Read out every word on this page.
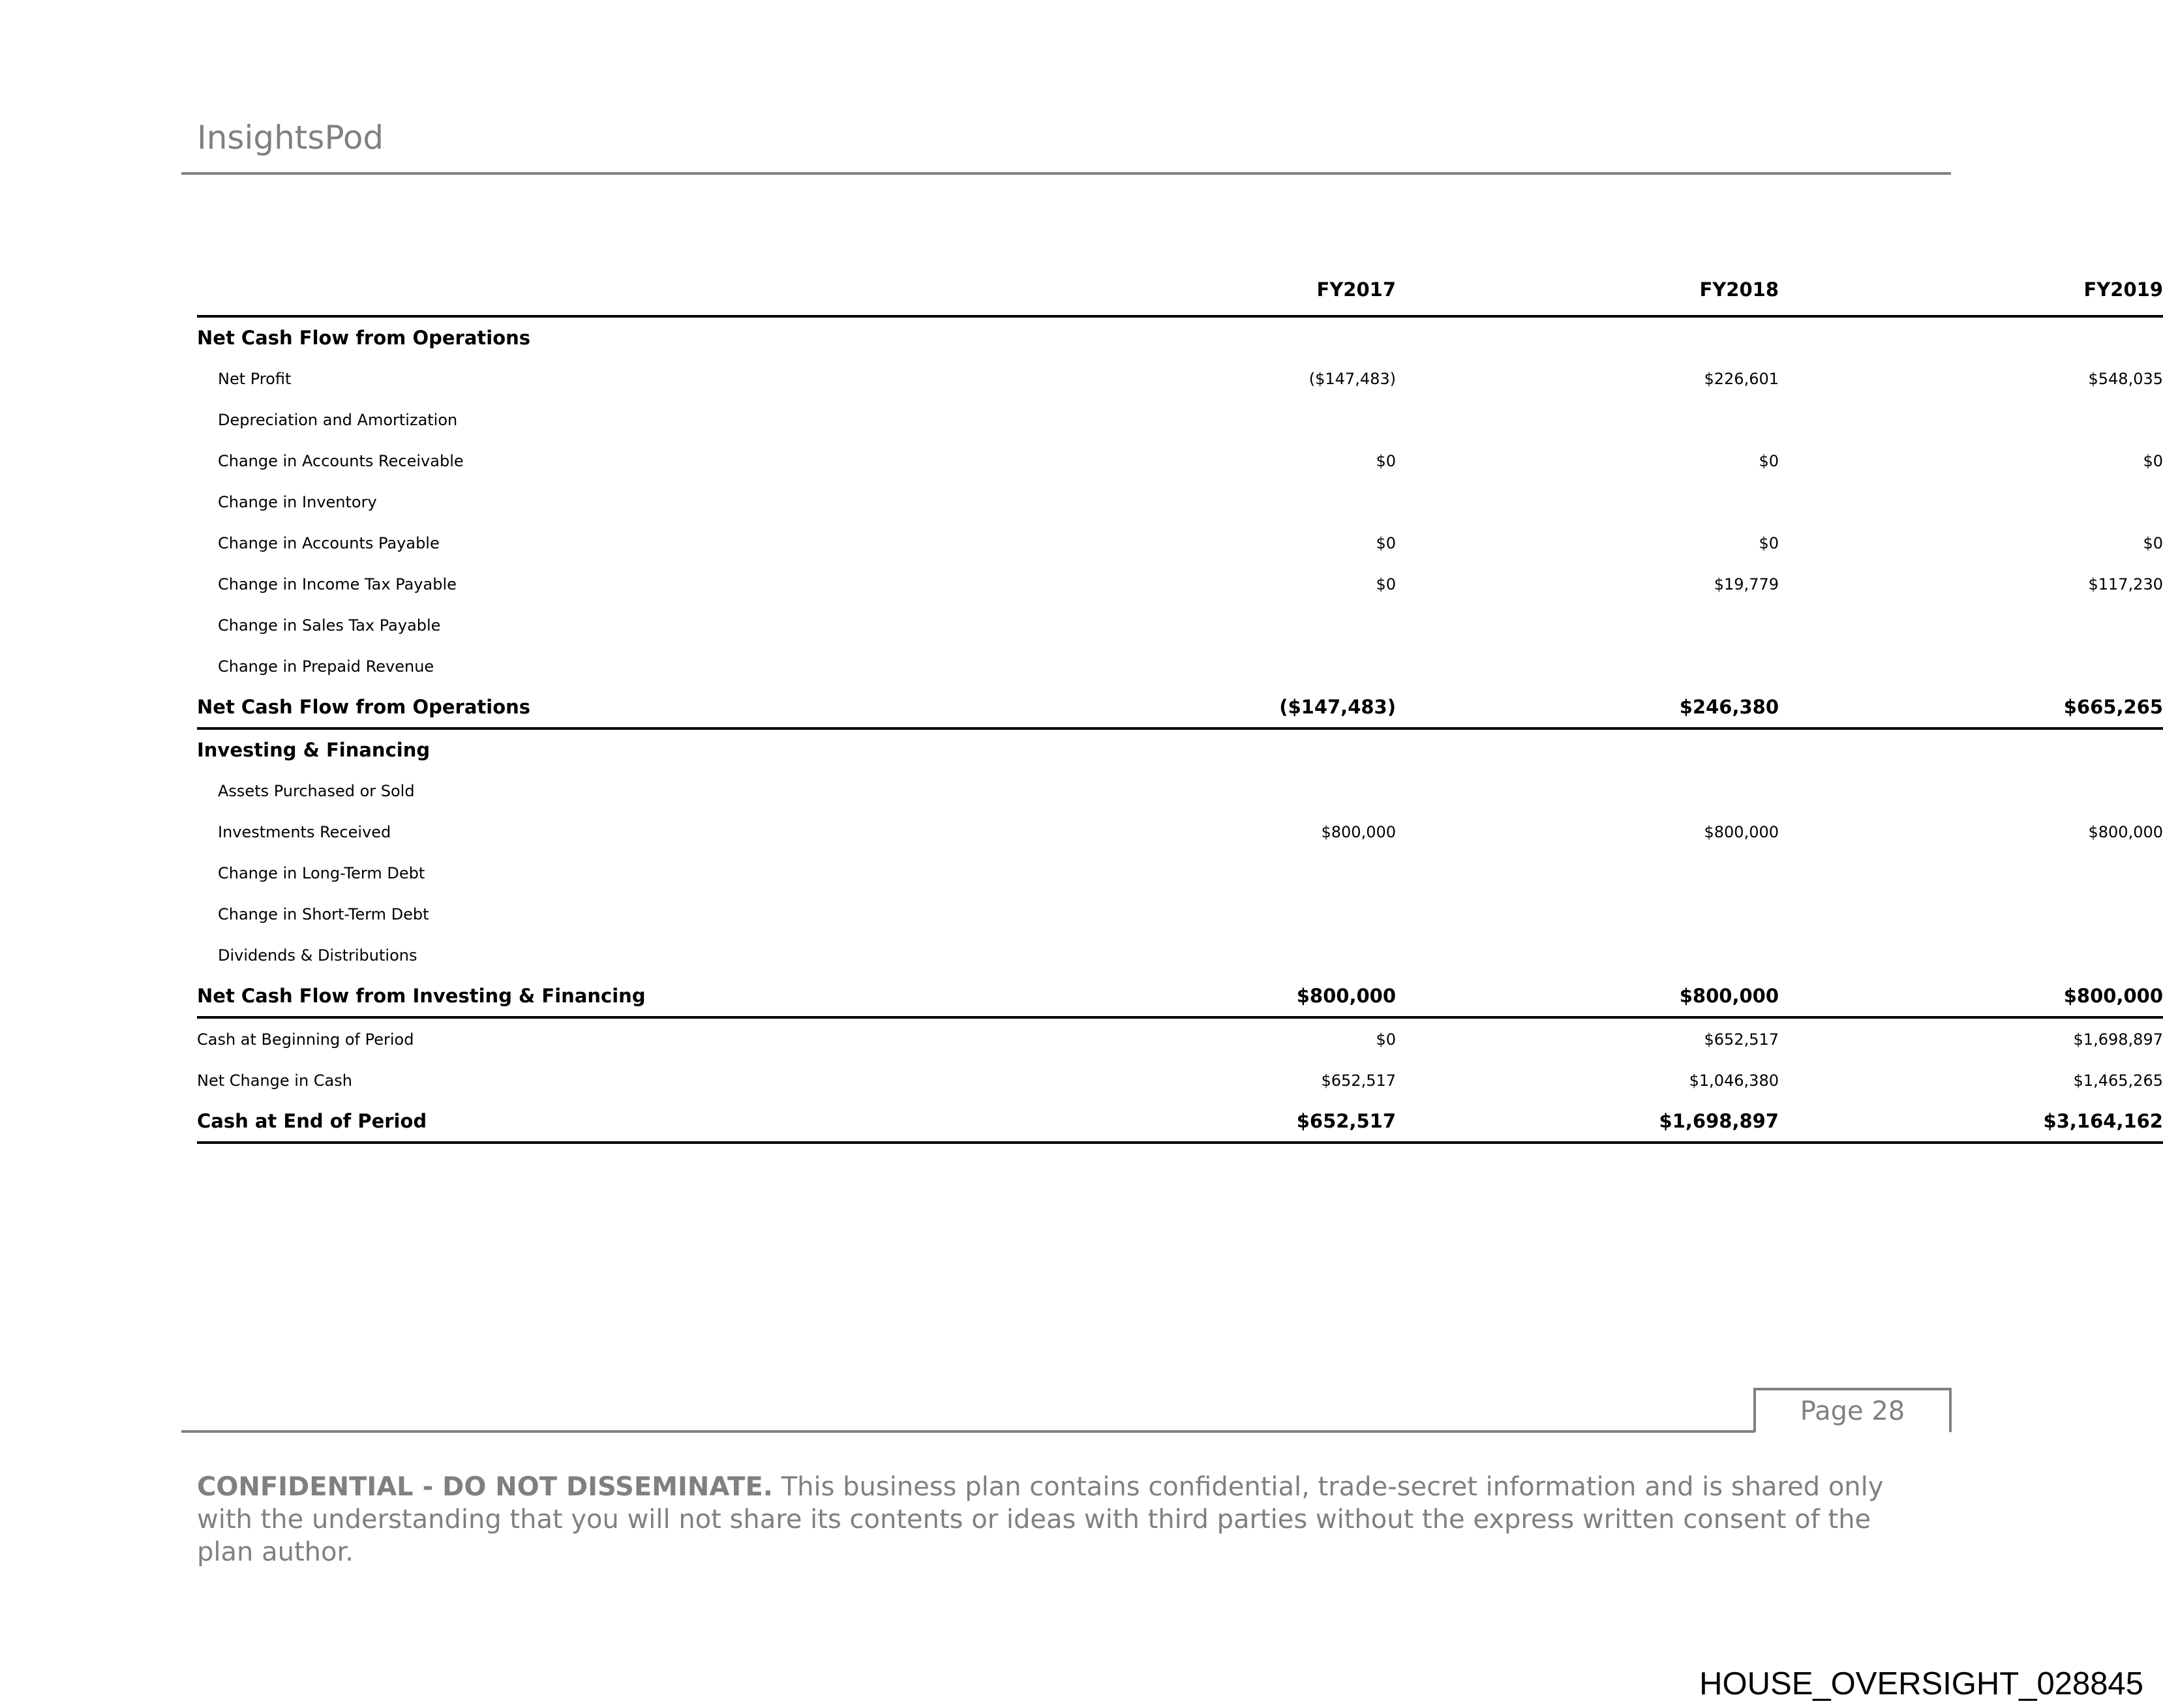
InsightsPod
	FY2017	FY2018	FY2019
Net Cash Flow from Operations			
Net Profit	($147,483)	$226,601	$548,035
Depreciation and Amortization			
Change in Accounts Receivable	$0	$0	$0
Change in Inventory			
Change in Accounts Payable	$0	$0	$0
Change in Income Tax Payable	$0	$19,779	$117,230
Change in Sales Tax Payable			
Change in Prepaid Revenue			
Net Cash Flow from Operations	($147,483)	$246,380	$665,265
Investing & Financing			
Assets Purchased or Sold			
Investments Received	$800,000	$800,000	$800,000
Change in Long-Term Debt			
Change in Short-Term Debt			
Dividends & Distributions			
Net Cash Flow from Investing & Financing	$800,000	$800,000	$800,000
Cash at Beginning of Period	$0	$652,517	$1,698,897
Net Change in Cash	$652,517	$1,046,380	$1,465,265
Cash at End of Period	$652,517	$1,698,897	$3,164,162
Page 28
CONFIDENTIAL - DO NOT DISSEMINATE. This business plan contains confidential, trade-secret information and is shared only with the understanding that you will not share its contents or ideas with third parties without the express written consent of the plan author.
HOUSE_OVERSIGHT_028845
